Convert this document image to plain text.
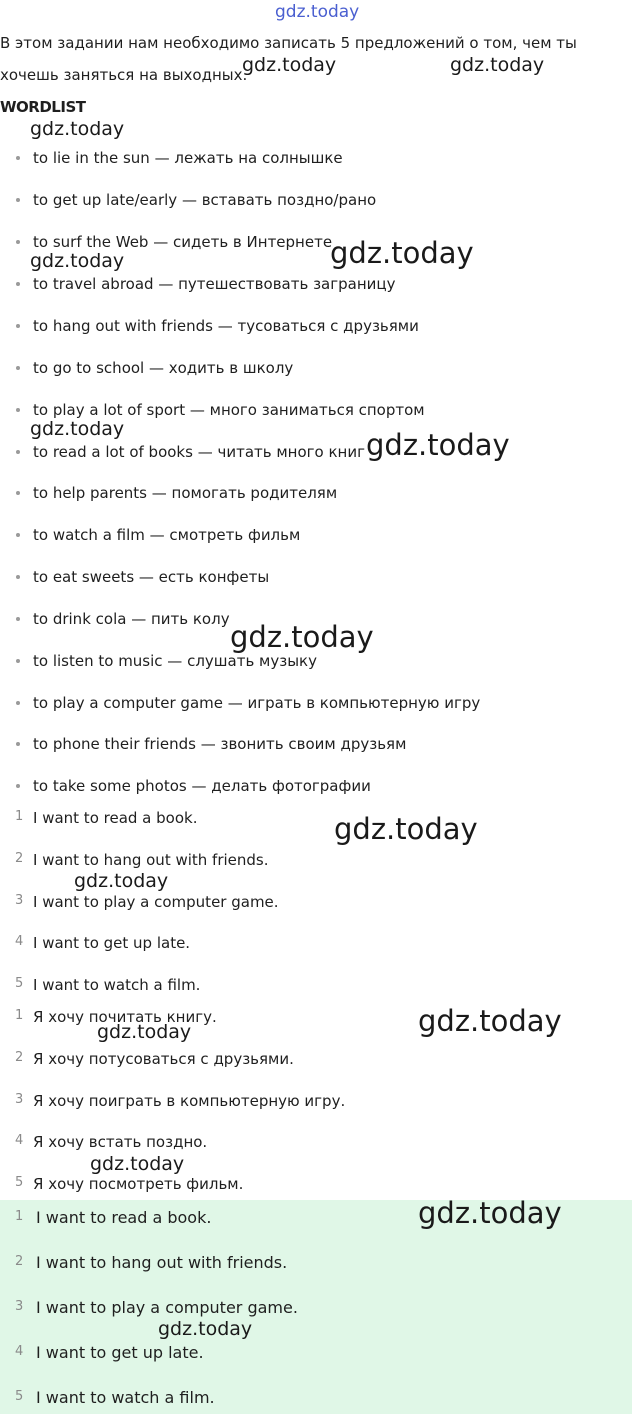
gdz.today
В этом задании нам необходимо записать 5 предложений о том, чем ты
хочешь заняться на выходных.
WORDLIST
to lie in the sun — лежать на солнышке
to get up late/early — вставать поздно/рано
to surf the Web — сидеть в Интернете
to travel abroad — путешествовать заграницу
to hang out with friends — тусоваться с друзьями
to go to school — ходить в школу
to play a lot of sport — много заниматься спортом
to read a lot of books — читать много книг
to help parents — помогать родителям
to watch a film — смотреть фильм
to eat sweets — есть конфеты
to drink cola — пить колу
to listen to music — слушать музыку
to play a computer game — играть в компьютерную игру
to phone their friends — звонить своим друзьям
to take some photos — делать фотографии
1 I want to read a book.
2 I want to hang out with friends.
3 I want to play a computer game.
4 I want to get up late.
5 I want to watch a film.
1 Я хочу почитать книгу.
2 Я хочу потусоваться с друзьями.
3 Я хочу поиграть в компьютерную игру.
4 Я хочу встать поздно.
5 Я хочу посмотреть фильм.
1 I want to read a book.
2 I want to hang out with friends.
3 I want to play a computer game.
4 I want to get up late.
5 I want to watch a film.
gdz.today	gdz.today
gdz.today
gdz.today
gdz.today
gdz.today	gdz.today
gdz.today
gdz.today
gdz.today
gdz.today
gdz.today
gdz.today
gdz.today
gdz.today
